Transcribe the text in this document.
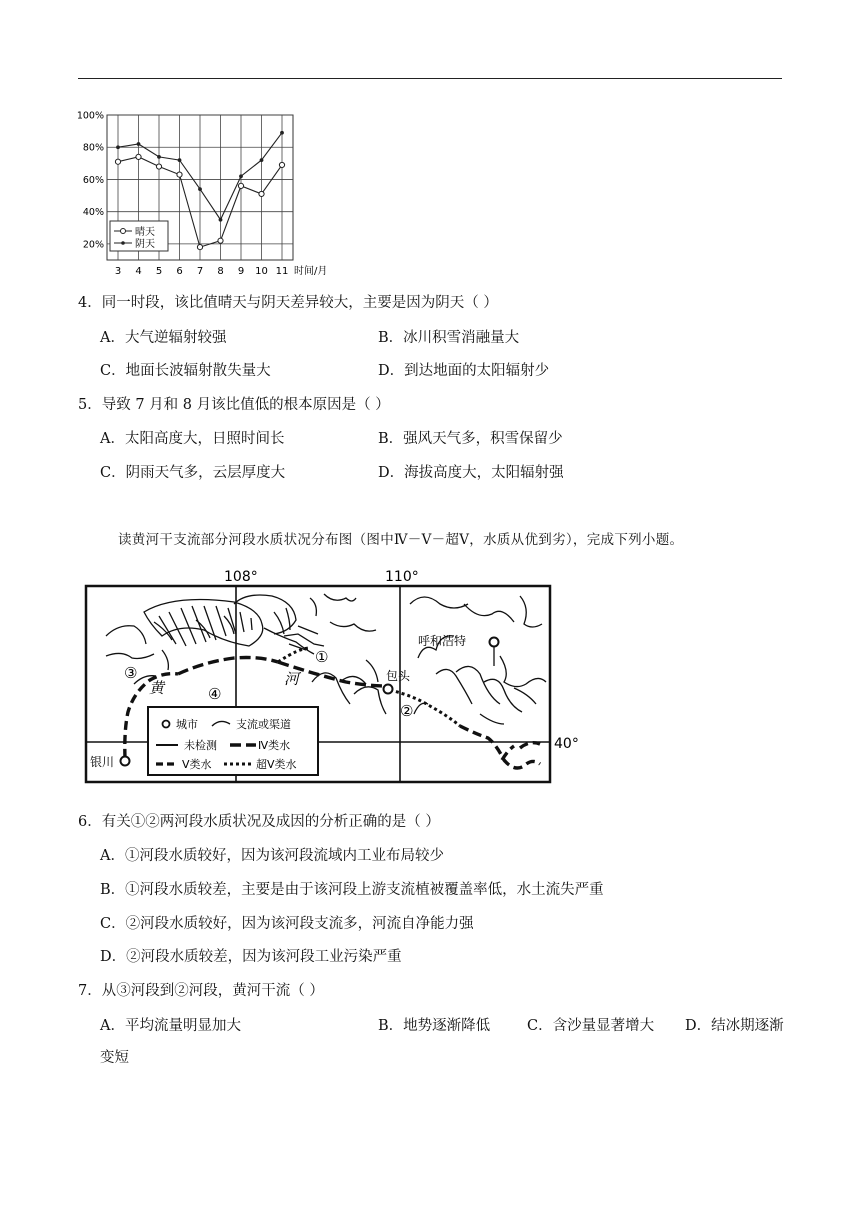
20%
40%
60%
80%
100%
3 4 5 6 7 8 9 10 11 时间/月
晴天
阴天
4．同一时段，该比值晴天与阴天差异较大，主要是因为阴天（ ）
A．大气逆辐射较强	B．冰川积雪消融量大
C．地面长波辐射散失量大	D．到达地面的太阳辐射少
5．导致 7 月和 8 月该比值低的根本原因是（ ）
A．太阳高度大，日照时间长	B．强风天气多，积雪保留少
C．阴雨天气多，云层厚度大	D．海拔高度大，太阳辐射强
读黄河干支流部分河段水质状况分布图（图中Ⅳ－Ⅴ－超Ⅴ，水质从优到劣），完成下列小题。
108°	110°
40°
银川
包头
呼和浩特
黄	河
①
②
③
④
城市	支流或渠道
未检测	Ⅳ类水
Ⅴ类水	超Ⅴ类水
6．有关①②两河段水质状况及成因的分析正确的是（ ）
A．①河段水质较好，因为该河段流域内工业布局较少
B．①河段水质较差，主要是由于该河段上游支流植被覆盖率低，水土流失严重
C．②河段水质较好，因为该河段支流多，河流自净能力强
D．②河段水质较差，因为该河段工业污染严重
7．从③河段到②河段，黄河干流（ ）
A．平均流量明显加大	B．地势逐渐降低	C．含沙量显著增大 D．结冰期逐渐
变短
